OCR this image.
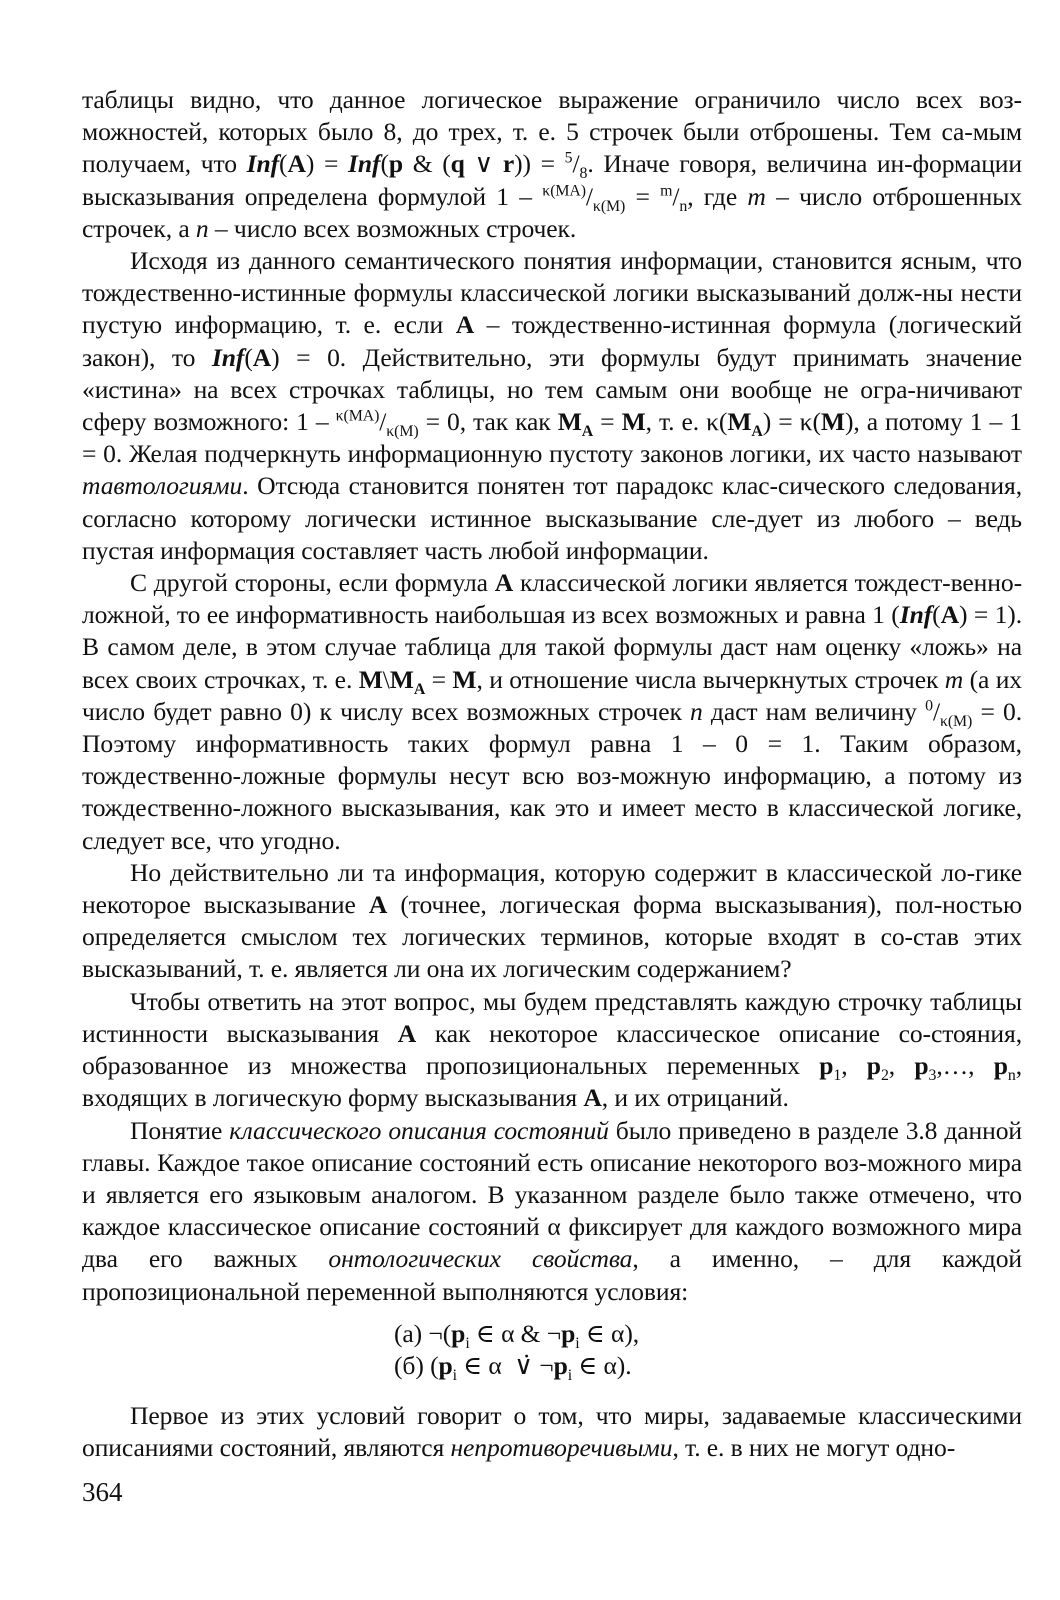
таблицы видно, что данное логическое выражение ограничило число всех воз-можностей, которых было 8, до трех, т. е. 5 строчек были отброшены. Тем са-мым получаем, что Inf(A) = Inf(p & (q ∨ $r)) = ^5/_8$. Иначе говоря, величина ин-формации высказывания определена формулой $1 - ^{\kappa(MA)}/_{\kappa(M)} = ^m/_n$, где m – число отброшенных строчек, а n – число всех возможных строчек.

Исходя из данного семантического понятия информации, становится ясным, что тождественно-истинные формулы классической логики высказываний долж-ны нести пустую информацию, т. е. если A – тождественно-истинная формула (логический закон), то Inf(A) = 0. Действительно, эти формулы будут принимать значение «истина» на всех строчках таблицы, но тем самым они вообще не огра-ничивают сферу возможного: $1 - ^{\kappa(MA)}/_{\kappa(M)} = 0$, так как $M_A = M$, т. е. $\kappa(M_A) = \kappa(M)$, а потому 1 – 1 = 0. Желая подчеркнуть информационную пустоту законов логики, их часто называют тавтологиями. Отсюда становится понятен тот парадокс клас-сического следования, согласно которому логически истинное высказывание сле-дует из любого – ведь пустая информация составляет часть любой информации.

С другой стороны, если формула A классической логики является тождест-венно-ложной, то ее информативность наибольшая из всех возможных и равна 1 (Inf(A) = 1). В самом деле, в этом случае таблица для такой формулы даст нам оценку «ложь» на всех своих строчках, т. е. $M\backslash M_A = M$, и отношение числа вычеркнутых строчек m (а их число будет равно 0) к числу всех возможных строчек n даст нам величину $^0/_{\kappa(M)} = 0$. Поэтому информативность таких формул равна 1 – 0 = 1. Таким образом, тождественно-ложные формулы несут всю воз-можную информацию, а потому из тождественно-ложного высказывания, как это и имеет место в классической логике, следует все, что угодно.

Но действительно ли та информация, которую содержит в классической ло-гике некоторое высказывание A (точнее, логическая форма высказывания), пол-ностью определяется смыслом тех логических терминов, которые входят в со-став этих высказываний, т. е. является ли она их логическим содержанием?

Чтобы ответить на этот вопрос, мы будем представлять каждую строчку таблицы истинности высказывания A как некоторое классическое описание со-стояния, образованное из множества пропозициональных переменных $p_1$, $p_2$, $p_3,\dots$, $p_n$, входящих в логическую форму высказывания A, и их отрицаний.

Понятие классического описания состояний было приведено в разделе 3.8 данной главы. Каждое такое описание состояний есть описание некоторого воз-можного мира и является его языковым аналогом. В указанном разделе было также отмечено, что каждое классическое описание состояний α фиксирует для каждого возможного мира два его важных онтологических свойства, а именно, – для каждой пропозициональной переменной выполняются условия:

(а) $\neg(p_i$ ∈ α & $\neg p_i$ ∈ α),

(б) ($p_i$ ∈ α  ∨̇ $\neg p_i$ ∈ α).

Первое из этих условий говорит о том, что миры, задаваемые классическими описаниями состояний, являются непротиворечивыми, т. е. в них не могут одно-

364
